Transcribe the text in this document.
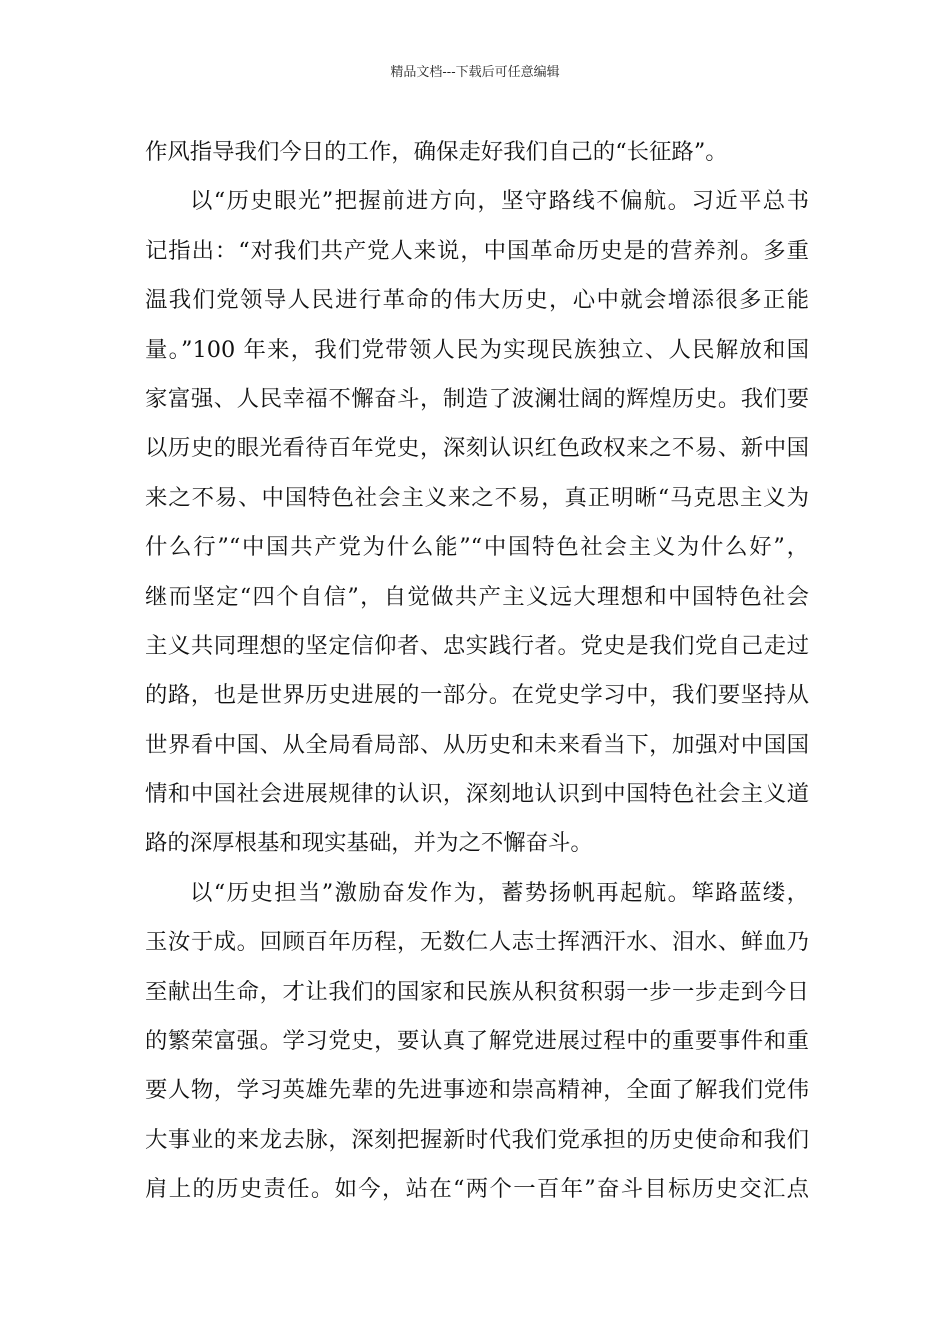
精品文档---下载后可任意编辑
作风指导我们今日的工作，确保走好我们自己的“长征路”。
以“历史眼光”把握前进方向，坚守路线不偏航。习近平总书
记指出：“对我们共产党人来说，中国革命历史是的营养剂。多重
温我们党领导人民进行革命的伟大历史，心中就会增添很多正能
量。”100 年来，我们党带领人民为实现民族独立、人民解放和国
家富强、人民幸福不懈奋斗，制造了波澜壮阔的辉煌历史。我们要
以历史的眼光看待百年党史，深刻认识红色政权来之不易、新中国
来之不易、中国特色社会主义来之不易，真正明晰“马克思主义为
什么行”“中国共产党为什么能”“中国特色社会主义为什么好”，
继而坚定“四个自信”，自觉做共产主义远大理想和中国特色社会
主义共同理想的坚定信仰者、忠实践行者。党史是我们党自己走过
的路，也是世界历史进展的一部分。在党史学习中，我们要坚持从
世界看中国、从全局看局部、从历史和未来看当下，加强对中国国
情和中国社会进展规律的认识，深刻地认识到中国特色社会主义道
路的深厚根基和现实基础，并为之不懈奋斗。
以“历史担当”激励奋发作为，蓄势扬帆再起航。筚路蓝缕，
玉汝于成。回顾百年历程，无数仁人志士挥洒汗水、泪水、鲜血乃
至献出生命，才让我们的国家和民族从积贫积弱一步一步走到今日
的繁荣富强。学习党史，要认真了解党进展过程中的重要事件和重
要人物，学习英雄先辈的先进事迹和崇高精神，全面了解我们党伟
大事业的来龙去脉，深刻把握新时代我们党承担的历史使命和我们
肩上的历史责任。如今，站在“两个一百年”奋斗目标历史交汇点
